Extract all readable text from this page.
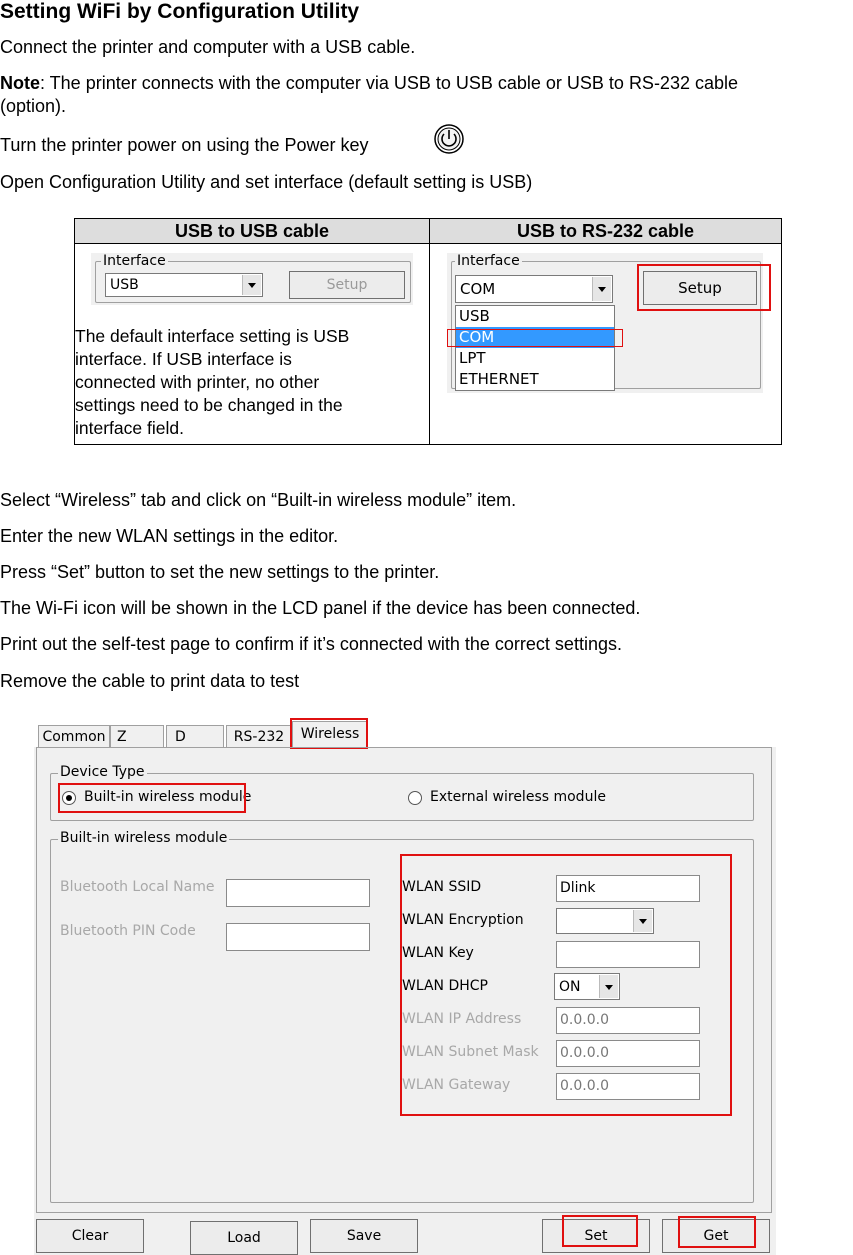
Setting WiFi by Configuration Utility
Connect the printer and computer with a USB cable.
Note: The printer connects with the computer via USB to USB cable or USB to RS-232 cable
(option).
Turn the printer power on using the Power key
Open Configuration Utility and set interface (default setting is USB)
USB to USB cable	USB to RS-232 cable
Interface
USB	Setup
The default interface setting is USB
interface. If USB interface is
connected with printer, no other
settings need to be changed in the
interface field.
Interface
COM	Setup
USB
COM
LPT
ETHERNET
Select “Wireless” tab and click on “Built-in wireless module” item.
Enter the new WLAN settings in the editor.
Press “Set” button to set the new settings to the printer.
The Wi-Fi icon will be shown in the LCD panel if the device has been connected.
Print out the self-test page to confirm if it’s connected with the correct settings.
Remove the cable to print data to test
Common Z	D	RS-232	Wireless
Device Type
Built-in wireless module	External wireless module
Built-in wireless module
Bluetooth Local Name
Bluetooth PIN Code
WLAN SSID	Dlink
WLAN Encryption
WLAN Key
WLAN DHCP	ON
WLAN IP Address	0.0.0.0
WLAN Subnet Mask 0.0.0.0
WLAN Gateway	0.0.0.0
Clear	Load	Save	Set	Get
